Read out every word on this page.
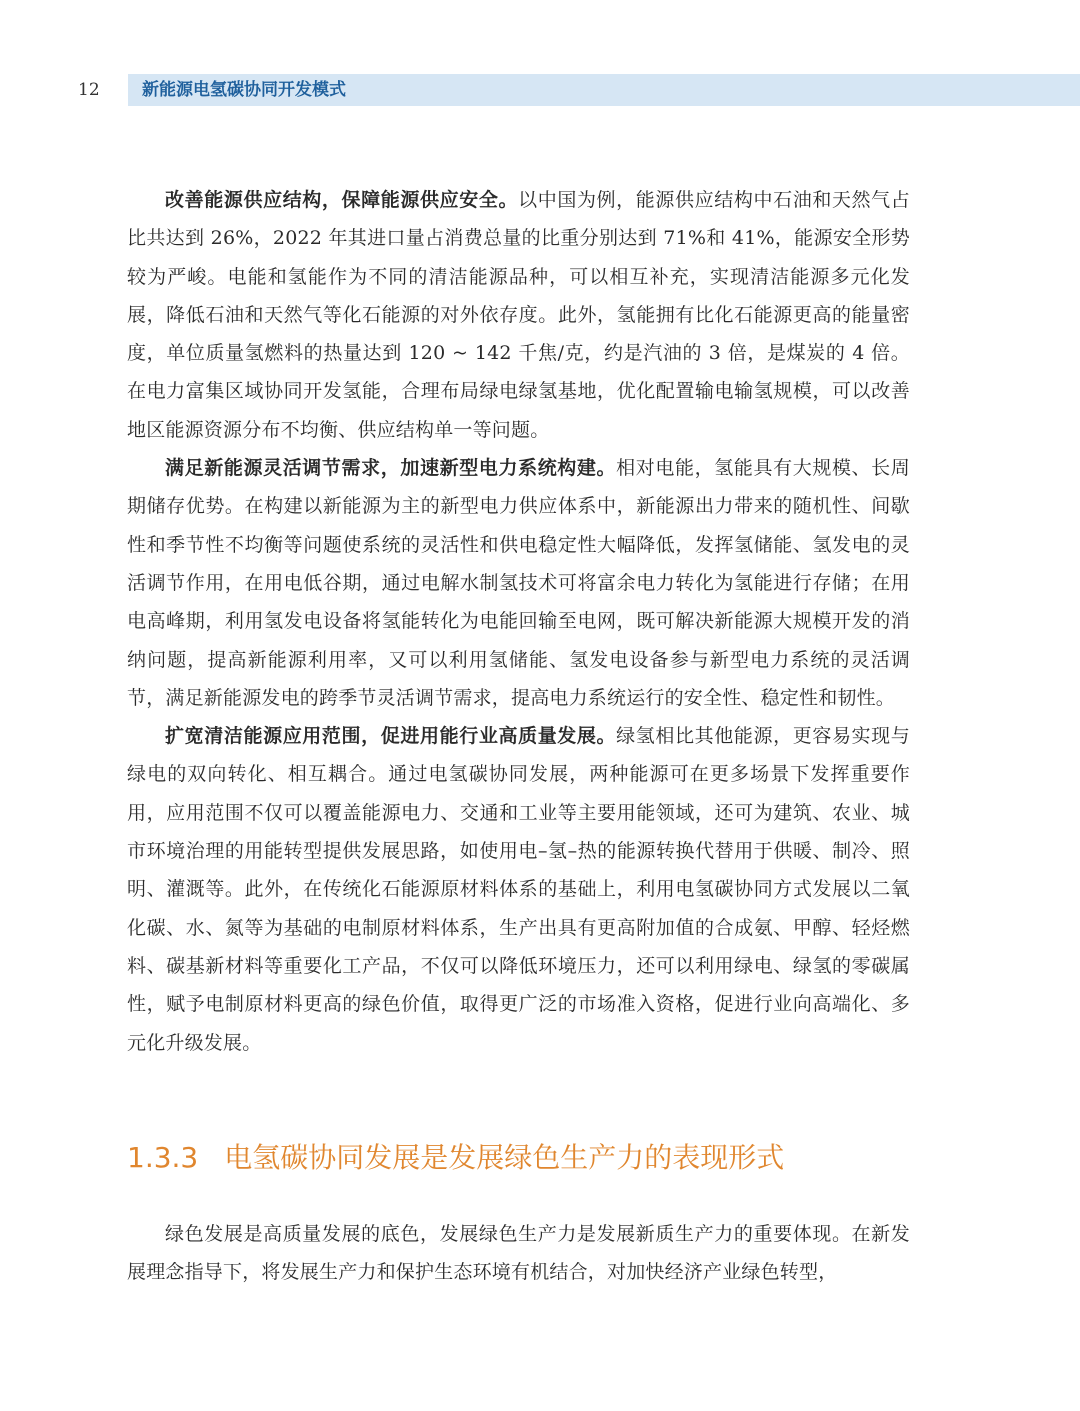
12	新能源电氢碳协同开发模式

改善能源供应结构，保障能源供应安全。以中国为例，能源供应结构中石油和天然气占比共达到 26%，2022 年其进口量占消费总量的比重分别达到 71%和 41%，能源安全形势较为严峻。电能和氢能作为不同的清洁能源品种，可以相互补充，实现清洁能源多元化发展，降低石油和天然气等化石能源的对外依存度。此外，氢能拥有比化石能源更高的能量密度，单位质量氢燃料的热量达到 120 ~ 142 千焦/克，约是汽油的 3 倍，是煤炭的 4 倍。在电力富集区域协同开发氢能，合理布局绿电绿氢基地，优化配置输电输氢规模，可以改善地区能源资源分布不均衡、供应结构单一等问题。

满足新能源灵活调节需求，加速新型电力系统构建。相对电能，氢能具有大规模、长周期储存优势。在构建以新能源为主的新型电力供应体系中，新能源出力带来的随机性、间歇性和季节性不均衡等问题使系统的灵活性和供电稳定性大幅降低，发挥氢储能、氢发电的灵活调节作用，在用电低谷期，通过电解水制氢技术可将富余电力转化为氢能进行存储；在用电高峰期，利用氢发电设备将氢能转化为电能回输至电网，既可解决新能源大规模开发的消纳问题，提高新能源利用率，又可以利用氢储能、氢发电设备参与新型电力系统的灵活调节，满足新能源发电的跨季节灵活调节需求，提高电力系统运行的安全性、稳定性和韧性。

扩宽清洁能源应用范围，促进用能行业高质量发展。绿氢相比其他能源，更容易实现与绿电的双向转化、相互耦合。通过电氢碳协同发展，两种能源可在更多场景下发挥重要作用，应用范围不仅可以覆盖能源电力、交通和工业等主要用能领域，还可为建筑、农业、城市环境治理的用能转型提供发展思路，如使用电–氢–热的能源转换代替用于供暖、制冷、照明、灌溉等。此外，在传统化石能源原材料体系的基础上，利用电氢碳协同方式发展以二氧化碳、水、氮等为基础的电制原材料体系，生产出具有更高附加值的合成氨、甲醇、轻烃燃料、碳基新材料等重要化工产品，不仅可以降低环境压力，还可以利用绿电、绿氢的零碳属性，赋予电制原材料更高的绿色价值，取得更广泛的市场准入资格，促进行业向高端化、多元化升级发展。

1.3.3 电氢碳协同发展是发展绿色生产力的表现形式

绿色发展是高质量发展的底色，发展绿色生产力是发展新质生产力的重要体现。在新发展理念指导下，将发展生产力和保护生态环境有机结合，对加快经济产业绿色转型，
